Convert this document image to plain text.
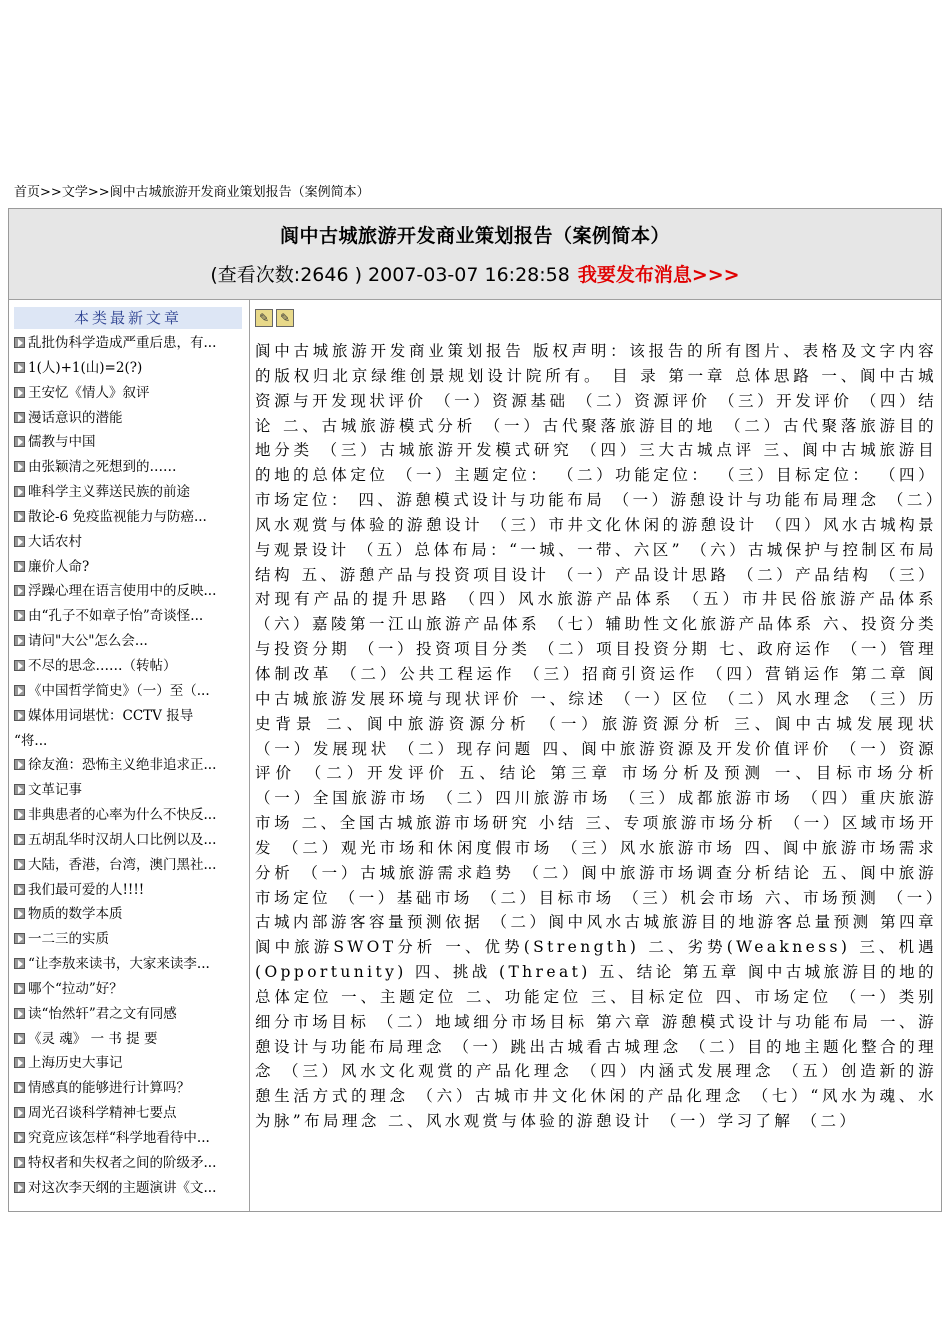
首页>>文学>>阆中古城旅游开发商业策划报告（案例简本）
阆中古城旅游开发商业策划报告（案例简本）
(查看次数:2646 ) 2007-03-07 16:28:58 我要发布消息>>>
本类最新文章
乱批伪科学造成严重后患，有...
1(人)+1(山)=2(?)
王安忆《情人》叙评
漫话意识的潜能
儒教与中国
由张颖清之死想到的……
唯科学主义葬送民族的前途
散论-6 免疫监视能力与防癌...
大话农村
廉价人命?
浮躁心理在语言使用中的反映...
由“孔子不如章子怡”奇谈怪...
请问"大公"怎么会...
不尽的思念……（转帖）
《中国哲学简史》（一）至（...
媒体用词堪忧：CCTV 报导
“将...
徐友渔：恐怖主义绝非追求正...
文革记事
非典患者的心率为什么不快反...
五胡乱华时汉胡人口比例以及...
大陆，香港，台湾，澳门黑社...
我们最可爱的人!!!!
物质的数学本质
一二三的实质
“让李敖来读书，大家来读李...
哪个“拉动”好？
读“怡然轩”君之文有同感
《灵 魂》 一 书 提 要
上海历史大事记
情感真的能够进行计算吗？
周光召谈科学精神七要点
究竟应该怎样“科学地看待中...
特权者和失权者之间的阶级矛...
对这次李天纲的主题演讲《文...
✎ ✎
阆中古城旅游开发商业策划报告 版权声明：该报告的所有图片、表格及文字内容的版权归北京绿维创景规划设计院所有。 目 录 第一章 总体思路 一、阆中古城资源与开发现状评价 （一）资源基础 （二）资源评价 （三）开发评价 （四）结论 二、古城旅游模式分析 （一）古代聚落旅游目的地 （二）古代聚落旅游目的地分类 （三）古城旅游开发模式研究 （四）三大古城点评 三、阆中古城旅游目的地的总体定位 （一）主题定位： （二）功能定位： （三）目标定位： （四）市场定位： 四、游憩模式设计与功能布局 （一）游憩设计与功能布局理念 （二）风水观赏与体验的游憩设计 （三）市井文化休闲的游憩设计 （四）风水古城构景与观景设计 （五）总体布局：“一城、一带、六区” （六）古城保护与控制区布局结构 五、游憩产品与投资项目设计 （一）产品设计思路 （二）产品结构 （三）对现有产品的提升思路 （四）风水旅游产品体系 （五）市井民俗旅游产品体系 （六）嘉陵第一江山旅游产品体系 （七）辅助性文化旅游产品体系 六、投资分类与投资分期 （一）投资项目分类 （二）项目投资分期 七、政府运作 （一）管理体制改革 （二）公共工程运作 （三）招商引资运作 （四）营销运作 第二章 阆中古城旅游发展环境与现状评价 一、综述 （一）区位 （二）风水理念 （三）历史背景 二、阆中旅游资源分析 （一）旅游资源分析 三、阆中古城发展现状 （一）发展现状 （二）现存问题 四、阆中旅游资源及开发价值评价 （一）资源评价 （二）开发评价 五、结论 第三章 市场分析及预测 一、目标市场分析 （一）全国旅游市场 （二）四川旅游市场 （三）成都旅游市场 （四）重庆旅游市场 二、全国古城旅游市场研究 小结 三、专项旅游市场分析 （一）区域市场开发 （二）观光市场和休闲度假市场 （三）风水旅游市场 四、阆中旅游市场需求分析 （一）古城旅游需求趋势 （二）阆中旅游市场调查分析结论 五、阆中旅游市场定位 （一）基础市场 （二）目标市场 （三）机会市场 六、市场预测 （一）古城内部游客容量预测依据 （二）阆中风水古城旅游目的地游客总量预测 第四章 阆中旅游SWOT分析 一、优势(Strength) 二、劣势(Weakness) 三、机遇 (Opportunity) 四、挑战 (Threat) 五、结论 第五章 阆中古城旅游目的地的总体定位 一、主题定位 二、功能定位 三、目标定位 四、市场定位 （一）类别细分市场目标 （二）地域细分市场目标 第六章 游憩模式设计与功能布局 一、游憩设计与功能布局理念 （一）跳出古城看古城理念 （二）目的地主题化整合的理念 （三）风水文化观赏的产品化理念 （四）内涵式发展理念 （五）创造新的游憩生活方式的理念 （六）古城市井文化休闲的产品化理念 （七）“风水为魂、水为脉”布局理念 二、风水观赏与体验的游憩设计 （一）学习了解 （二）
